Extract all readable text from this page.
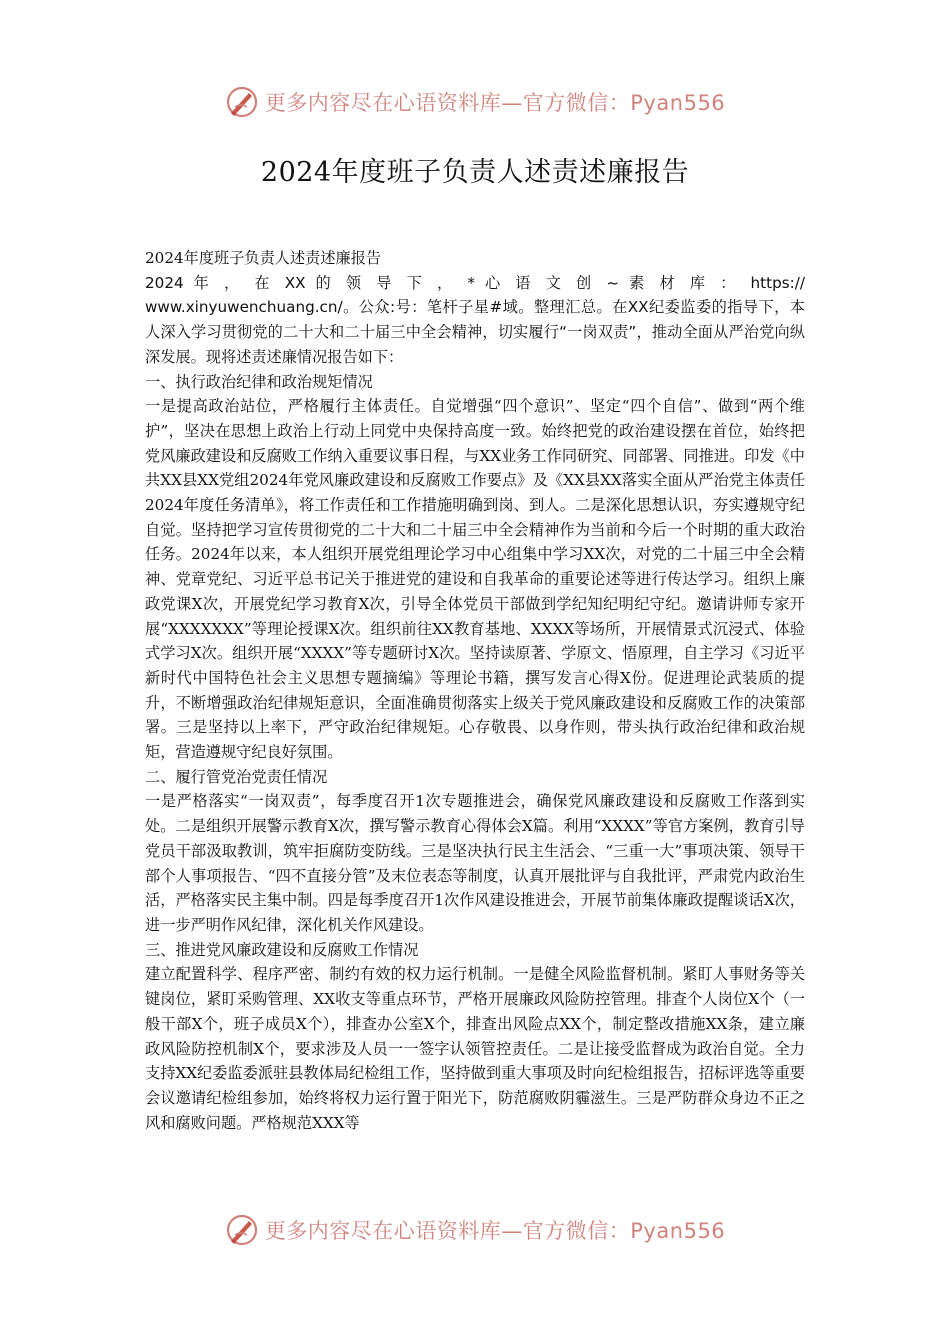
更多内容尽在心语资料库—官方微信：Pyan556
2024年度班子负责人述责述廉报告

2024年度班子负责人述责述廉报告

2024 年 ， 在 XX 的 领 导 下 ， * 心 语 文 创 ~ 素 材 库 ： https://

www.xinyuwenchuang.cn/。公众:号：笔杆子星#域。整理汇总。在XX纪委监委的指导下，本人深入学习贯彻党的二十大和二十届三中全会精神，切实履行“一岗双责”，推动全面从严治党向纵深发展。现将述责述廉情况报告如下：

一、执行政治纪律和政治规矩情况

一是提高政治站位，严格履行主体责任。自觉增强“四个意识”、坚定“四个自信”、做到“两个维护”，坚决在思想上政治上行动上同党中央保持高度一致。始终把党的政治建设摆在首位，始终把党风廉政建设和反腐败工作纳入重要议事日程，与XX业务工作同研究、同部署、同推进。印发《中共XX县XX党组2024年党风廉政建设和反腐败工作要点》及《XX县XX落实全面从严治党主体责任2024年度任务清单》，将工作责任和工作措施明确到岗、到人。二是深化思想认识，夯实遵规守纪自觉。坚持把学习宣传贯彻党的二十大和二十届三中全会精神作为当前和今后一个时期的重大政治任务。2024年以来，本人组织开展党组理论学习中心组集中学习XX次，对党的二十届三中全会精神、党章党纪、习近平总书记关于推进党的建设和自我革命的重要论述等进行传达学习。组织上廉政党课X次，开展党纪学习教育X次，引导全体党员干部做到学纪知纪明纪守纪。邀请讲师专家开展“XXXXXXX”等理论授课X次。组织前往XX教育基地、XXXX等场所，开展情景式沉浸式、体验式学习X次。组织开展“XXXX”等专题研讨X次。坚持读原著、学原文、悟原理，自主学习《习近平新时代中国特色社会主义思想专题摘编》等理论书籍，撰写发言心得X份。促进理论武装质的提升，不断增强政治纪律规矩意识，全面准确贯彻落实上级关于党风廉政建设和反腐败工作的决策部署。三是坚持以上率下，严守政治纪律规矩。心存敬畏、以身作则，带头执行政治纪律和政治规矩，营造遵规守纪良好氛围。

二、履行管党治党责任情况

一是严格落实“一岗双责”，每季度召开1次专题推进会，确保党风廉政建设和反腐败工作落到实处。二是组织开展警示教育X次，撰写警示教育心得体会X篇。利用“XXXX”等官方案例，教育引导党员干部汲取教训，筑牢拒腐防变防线。三是坚决执行民主生活会、“三重一大”事项决策、领导干部个人事项报告、“四不直接分管”及末位表态等制度，认真开展批评与自我批评，严肃党内政治生活，严格落实民主集中制。四是每季度召开1次作风建设推进会，开展节前集体廉政提醒谈话X次，进一步严明作风纪律，深化机关作风建设。

三、推进党风廉政建设和反腐败工作情况

建立配置科学、程序严密、制约有效的权力运行机制。一是健全风险监督机制。紧盯人事财务等关键岗位，紧盯采购管理、XX收支等重点环节，严格开展廉政风险防控管理。排查个人岗位X个（一般干部X个，班子成员X个），排查办公室X个，排查出风险点XX个，制定整改措施XX条，建立廉政风险防控机制X个，要求涉及人员一一签字认领管控责任。二是让接受监督成为政治自觉。全力支持XX纪委监委派驻县教体局纪检组工作，坚持做到重大事项及时向纪检组报告，招标评选等重要会议邀请纪检组参加，始终将权力运行置于阳光下，防范腐败阴霾滋生。三是严防群众身边不正之风和腐败问题。严格规范XXX等

更多内容尽在心语资料库—官方微信：Pyan556
